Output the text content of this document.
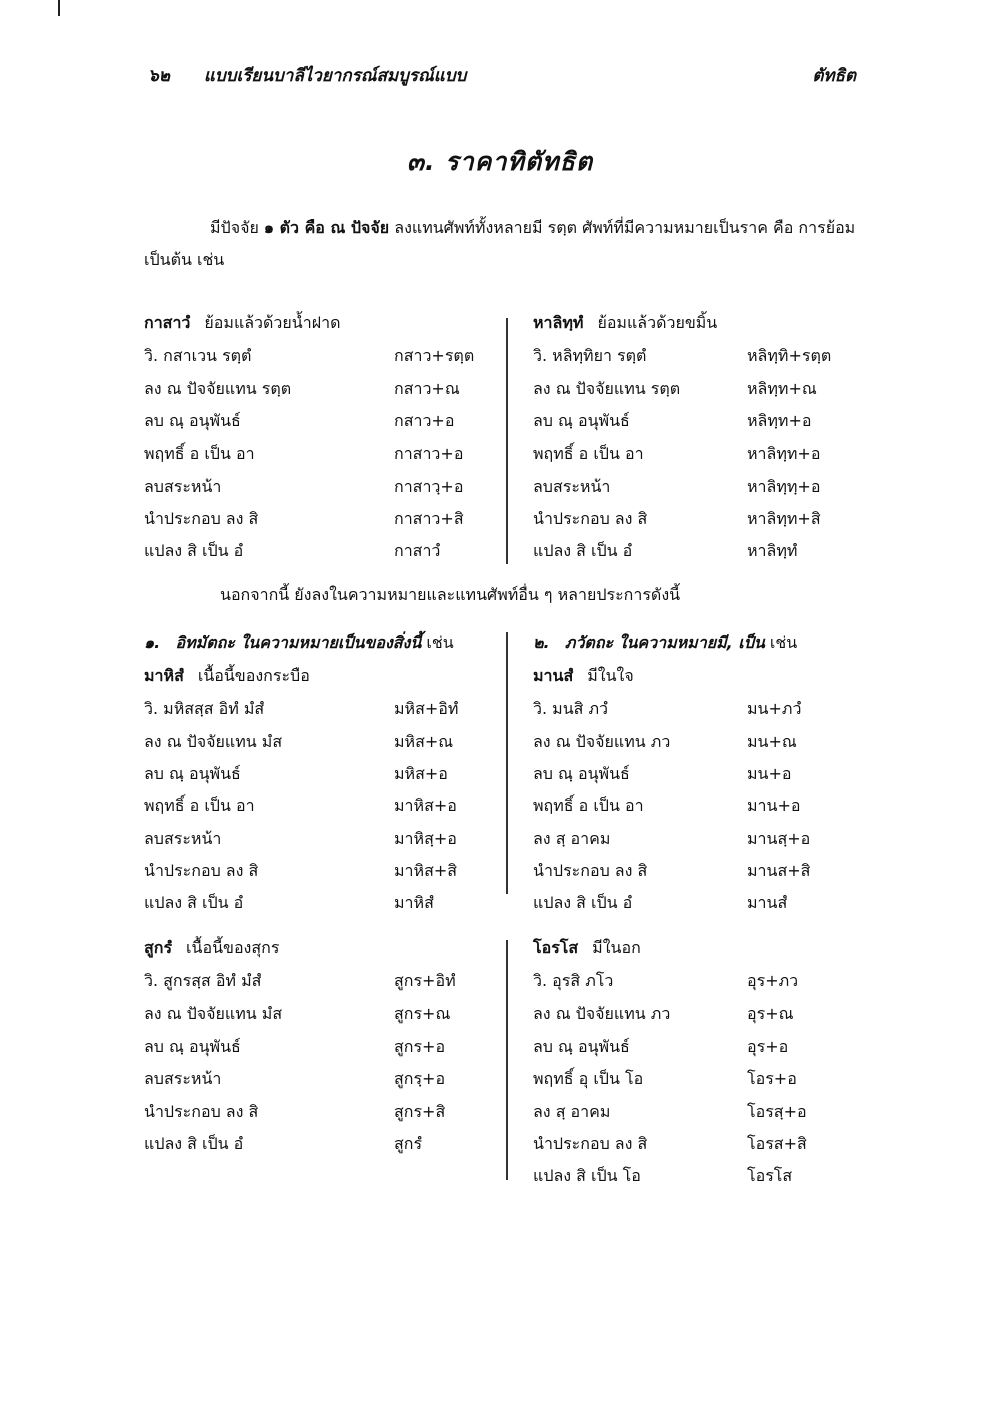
๖๒ แบบเรียนบาลีไวยากรณ์สมบูรณ์แบบ	ตัทธิต
๓. ราคาทิตัทธิต
มีปัจจัย ๑ ตัว คือ ณ ปัจจัย ลงแทนศัพท์ทั้งหลายมี รตฺต ศัพท์ที่มีความหมายเป็นราค คือ การย้อมเป็นต้น เช่น
กาสาวํ ย้อมแล้วด้วยน้ำฝาด
วิ. กสาเวน รตฺตํ	กสาว+รตฺต
ลง ณ ปัจจัยแทน รตฺต	กสาว+ณ
ลบ ณฺ อนุพันธ์	กสาว+อ
พฤทธิ์ อ เป็น อา	กาสาว+อ
ลบสระหน้า	กาสาวฺ+อ
นำประกอบ ลง สิ	กาสาว+สิ
แปลง สิ เป็น อํ	กาสาวํ
หาลิทฺทํ ย้อมแล้วด้วยขมิ้น
วิ. หลิทฺทิยา รตฺตํ	หลิทฺทิ+รตฺต
ลง ณ ปัจจัยแทน รตฺต	หลิทฺท+ณ
ลบ ณฺ อนุพันธ์	หลิทฺท+อ
พฤทธิ์ อ เป็น อา	หาลิทฺท+อ
ลบสระหน้า	หาลิทฺทฺ+อ
นำประกอบ ลง สิ	หาลิทฺท+สิ
แปลง สิ เป็น อํ	หาลิทฺทํ
นอกจากนี้ ยังลงในความหมายและแทนศัพท์อื่น ๆ หลายประการดังนี้
๑. อิทมัตถะ ในความหมายเป็นของสิ่งนี้ เช่น
มาหิสํ เนื้อนี้ของกระบือ
วิ. มหิสสฺส อิทํ มํสํ	มหิส+อิทํ
ลง ณ ปัจจัยแทน มํส	มหิส+ณ
ลบ ณฺ อนุพันธ์	มหิส+อ
พฤทธิ์ อ เป็น อา	มาหิส+อ
ลบสระหน้า	มาหิสฺ+อ
นำประกอบ ลง สิ	มาหิส+สิ
แปลง สิ เป็น อํ	มาหิสํ
๒. ภวัตถะ ในความหมายมี, เป็น เช่น
มานสํ มีในใจ
วิ. มนสิ ภวํ	มน+ภวํ
ลง ณ ปัจจัยแทน ภว	มน+ณ
ลบ ณฺ อนุพันธ์	มน+อ
พฤทธิ์ อ เป็น อา	มาน+อ
ลง สฺ อาคม	มานสฺ+อ
นำประกอบ ลง สิ	มานส+สิ
แปลง สิ เป็น อํ	มานสํ
สูกรํ เนื้อนี้ของสุกร
วิ. สูกรสฺส อิทํ มํสํ	สูกร+อิทํ
ลง ณ ปัจจัยแทน มํส	สูกร+ณ
ลบ ณฺ อนุพันธ์	สูกร+อ
ลบสระหน้า	สูกรฺ+อ
นำประกอบ ลง สิ	สูกร+สิ
แปลง สิ เป็น อํ	สูกรํ
โอรโส มีในอก
วิ. อุรสิ ภโว	อุร+ภว
ลง ณ ปัจจัยแทน ภว	อุร+ณ
ลบ ณฺ อนุพันธ์	อุร+อ
พฤทธิ์ อุ เป็น โอ	โอร+อ
ลง สฺ อาคม	โอรสฺ+อ
นำประกอบ ลง สิ	โอรส+สิ
แปลง สิ เป็น โอ	โอรโส
